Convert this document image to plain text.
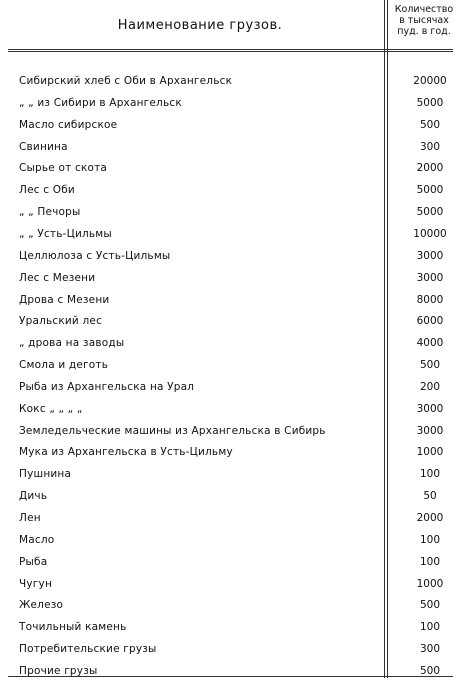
Наименование грузов.
Количество
в тысячах
пуд. в год.
Сибирский хлеб с Оби в Архангельск	20000
„ „ из Сибири в Архангельск	5000
Масло сибирское	500
Свинина	300
Сырье от скота	2000
Лес с Оби	5000
„ „ Печоры	5000
„ „ Усть-Цильмы	10000
Целлюлоза с Усть-Цильмы	3000
Лес с Мезени	3000
Дрова с Мезени	8000
Уральский лес	6000
„ дрова на заводы	4000
Смола и деготь	500
Рыба из Архангельска на Урал	200
Кокс „ „ „ „	3000
Земледельческие машины из Архангельска в Сибирь	3000
Мука из Архангельска в Усть-Цильму	1000
Пушнина	100
Дичь	50
Лен	2000
Масло	100
Рыба	100
Чугун	1000
Железо	500
Точильный камень	100
Потребительские грузы	300
Прочие грузы	500
